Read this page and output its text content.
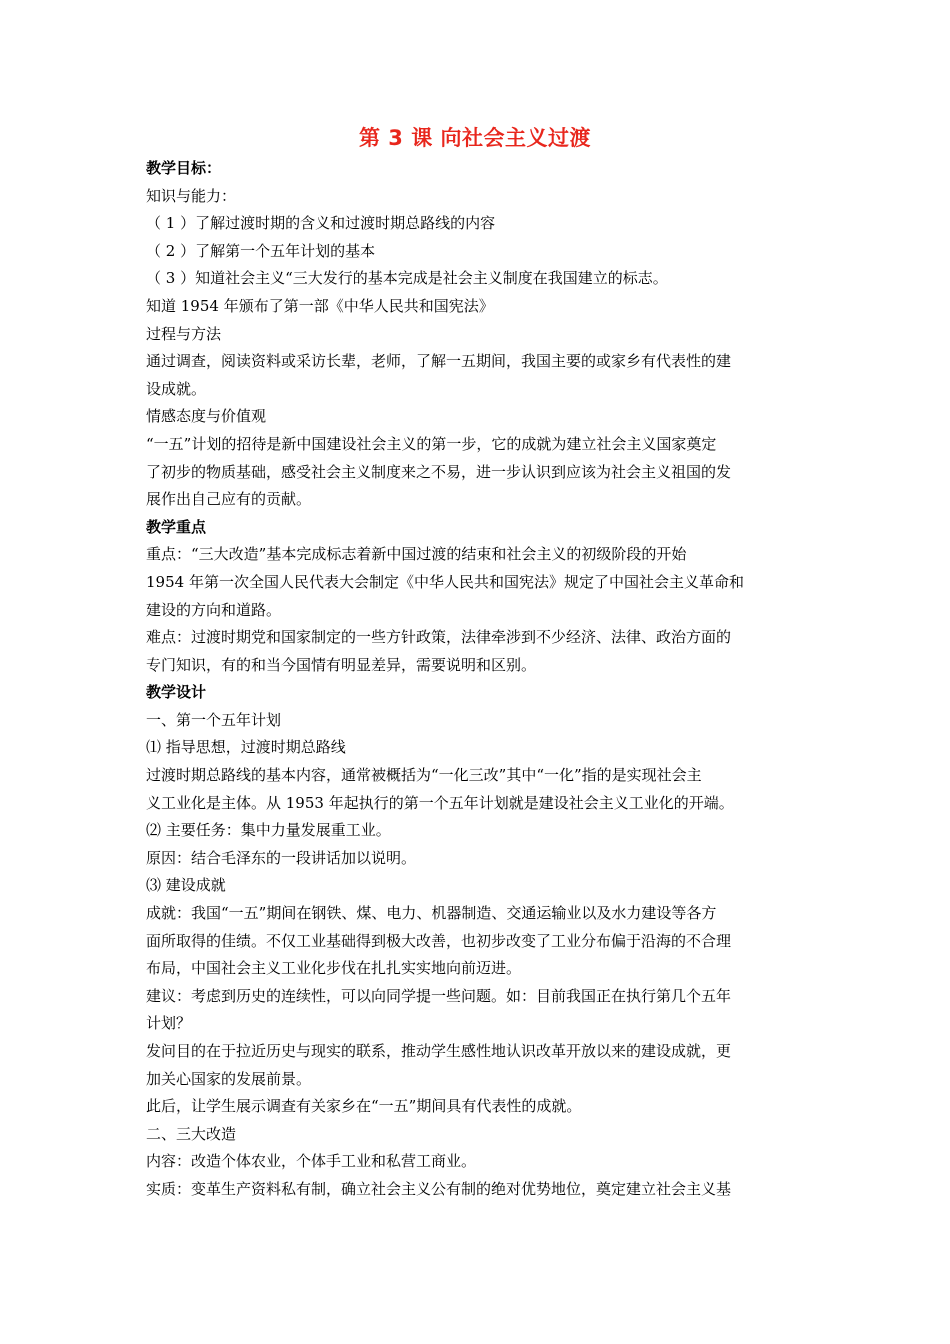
第 3 课 向社会主义过渡
教学目标：
知识与能力：
（ 1 ）了解过渡时期的含义和过渡时期总路线的内容
（ 2 ）了解第一个五年计划的基本
（ 3 ）知道社会主义“三大发行的基本完成是社会主义制度在我国建立的标志。
知道 1954 年颁布了第一部《中华人民共和国宪法》
过程与方法
通过调查，阅读资料或采访长辈，老师，了解一五期间，我国主要的或家乡有代表性的建
设成就。
情感态度与价值观
“一五”计划的招待是新中国建设社会主义的第一步，它的成就为建立社会主义国家奠定
了初步的物质基础，感受社会主义制度来之不易，进一步认识到应该为社会主义祖国的发
展作出自己应有的贡献。
教学重点
重点：“三大改造”基本完成标志着新中国过渡的结束和社会主义的初级阶段的开始
1954 年第一次全国人民代表大会制定《中华人民共和国宪法》规定了中国社会主义革命和
建设的方向和道路。
难点：过渡时期党和国家制定的一些方针政策，法律牵涉到不少经济、法律、政治方面的
专门知识，有的和当今国情有明显差异，需要说明和区别。
教学设计
一、第一个五年计划
⑴ 指导思想，过渡时期总路线
过渡时期总路线的基本内容，通常被概括为“一化三改”其中“一化”指的是实现社会主
义工业化是主体。从 1953 年起执行的第一个五年计划就是建设社会主义工业化的开端。
⑵ 主要任务：集中力量发展重工业。
原因：结合毛泽东的一段讲话加以说明。
⑶ 建设成就
成就：我国“一五”期间在钢铁、煤、电力、机器制造、交通运输业以及水力建设等各方
面所取得的佳绩。不仅工业基础得到极大改善，也初步改变了工业分布偏于沿海的不合理
布局，中国社会主义工业化步伐在扎扎实实地向前迈进。
建议：考虑到历史的连续性，可以向同学提一些问题。如：目前我国正在执行第几个五年
计划？
发问目的在于拉近历史与现实的联系，推动学生感性地认识改革开放以来的建设成就，更
加关心国家的发展前景。
此后，让学生展示调查有关家乡在“一五”期间具有代表性的成就。
二、三大改造
内容：改造个体农业，个体手工业和私营工商业。
实质：变革生产资料私有制，确立社会主义公有制的绝对优势地位，奠定建立社会主义基
